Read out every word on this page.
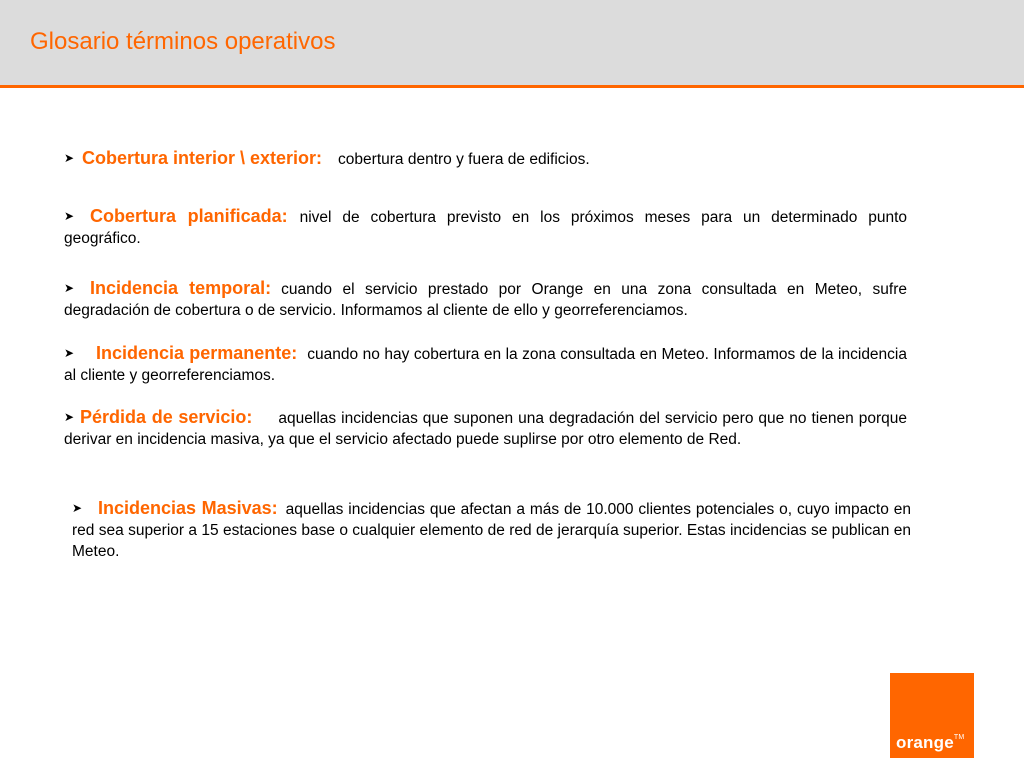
Glosario términos operativos
➤ Cobertura interior \ exterior: cobertura dentro y fuera de edificios.
➤ Cobertura planificada: nivel de cobertura previsto en los próximos meses para un determinado punto geográfico.
➤ Incidencia temporal: cuando el servicio prestado por Orange en una zona consultada en Meteo, sufre degradación de cobertura o de servicio. Informamos al cliente de ello y georreferenciamos.
➤ Incidencia permanente: cuando no hay cobertura en la zona consultada en Meteo. Informamos de la incidencia al cliente y georreferenciamos.
➤ Pérdida de servicio: aquellas incidencias que suponen una degradación del servicio pero que no tienen porque derivar en incidencia masiva, ya que el servicio afectado puede suplirse por otro elemento de Red.
➤ Incidencias Masivas: aquellas incidencias que afectan a más de 10.000 clientes potenciales o, cuyo impacto en red sea superior a 15 estaciones base o cualquier elemento de red de jerarquía superior. Estas incidencias se publican en Meteo.
orange™
